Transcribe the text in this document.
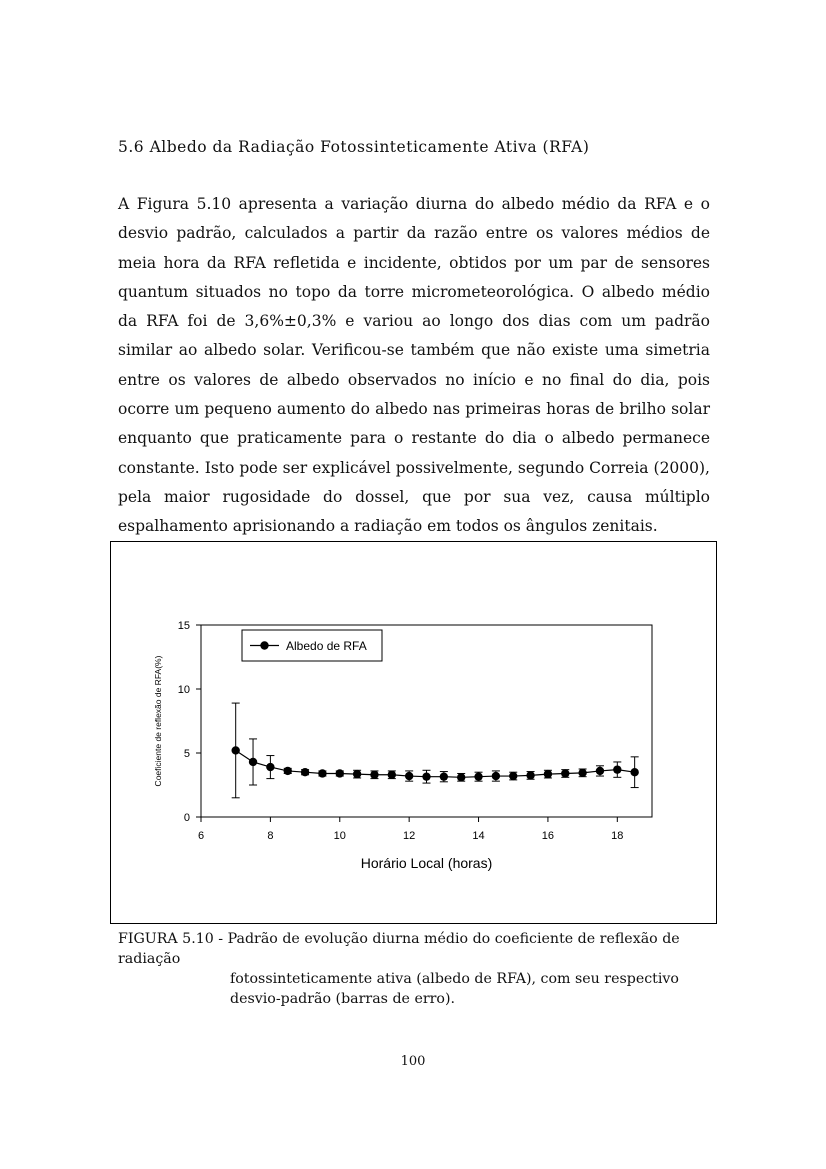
5.6 Albedo da Radiação Fotossinteticamente Ativa (RFA)
A Figura 5.10 apresenta a variação diurna do albedo médio da RFA e o desvio padrão, calculados a partir da razão entre os valores médios de meia hora da RFA refletida e incidente, obtidos por um par de sensores quantum situados no topo da torre micrometeorológica. O albedo médio da RFA foi de 3,6%±0,3% e variou ao longo dos dias com um padrão similar ao albedo solar. Verificou-se também que não existe uma simetria entre os valores de albedo observados no início e no final do dia, pois ocorre um pequeno aumento do albedo nas primeiras horas de brilho solar enquanto que praticamente para o restante do dia o albedo permanece constante. Isto pode ser explicável possivelmente, segundo Correia (2000), pela maior rugosidade do dossel, que por sua vez, causa múltiplo espalhamento aprisionando a radiação em todos os ângulos zenitais.
6	8	10	12	14	16	18
0
5
10
15
Horário Local (horas)
Coeficiente de reflexão de RFA(%)
Albedo de RFA
FIGURA 5.10 - Padrão de evolução diurna médio do coeficiente de reflexão de radiação
fotossinteticamente ativa (albedo de RFA), com seu respectivo desvio-padrão (barras de erro).
100
